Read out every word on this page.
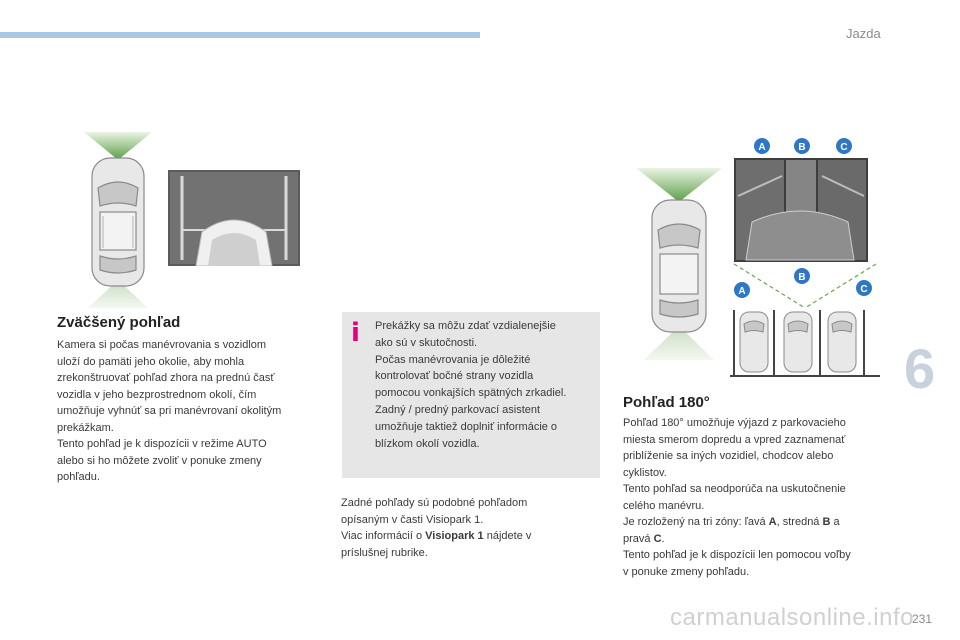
Jazda
6
231
carmanualsonline.info
Zväčšený pohľad

Kamera si počas manévrovania s vozidlom

uloží do pamäti jeho okolie, aby mohla

zrekonštruovať pohľad zhora na prednú časť

vozidla v jeho bezprostrednom okolí, čím

umožňuje vyhnúť sa pri manévrovaní okolitým

prekážkam.

Tento pohľad je k dispozícii v režime AUTO

alebo si ho môžete zvoliť v ponuke zmeny

pohľadu.

i Prekážky sa môžu zdať vzdialenejšie

ako sú v skutočnosti.

Počas manévrovania je dôležité

kontrolovať bočné strany vozidla

pomocou vonkajších spätných zrkadiel.

Zadný / predný parkovací asistent

umožňuje taktiež doplniť informácie o

blízkom okolí vozidla.

Zadné pohľady sú podobné pohľadom

opísaným v časti Visiopark 1.

Viac informácií o Visiopark 1 nájdete v

príslušnej rubrike.

A	B	C
A
B
C
Pohľad 180°

Pohľad 180° umožňuje výjazd z parkovacieho

miesta smerom dopredu a vpred zaznamenať

priblíženie sa iných vozidiel, chodcov alebo

cyklistov.

Tento pohľad sa neodporúča na uskutočnenie

celého manévru.

Je rozložený na tri zóny: ľavá A, stredná B a

pravá C.

Tento pohľad je k dispozícii len pomocou voľby

v ponuke zmeny pohľadu.
